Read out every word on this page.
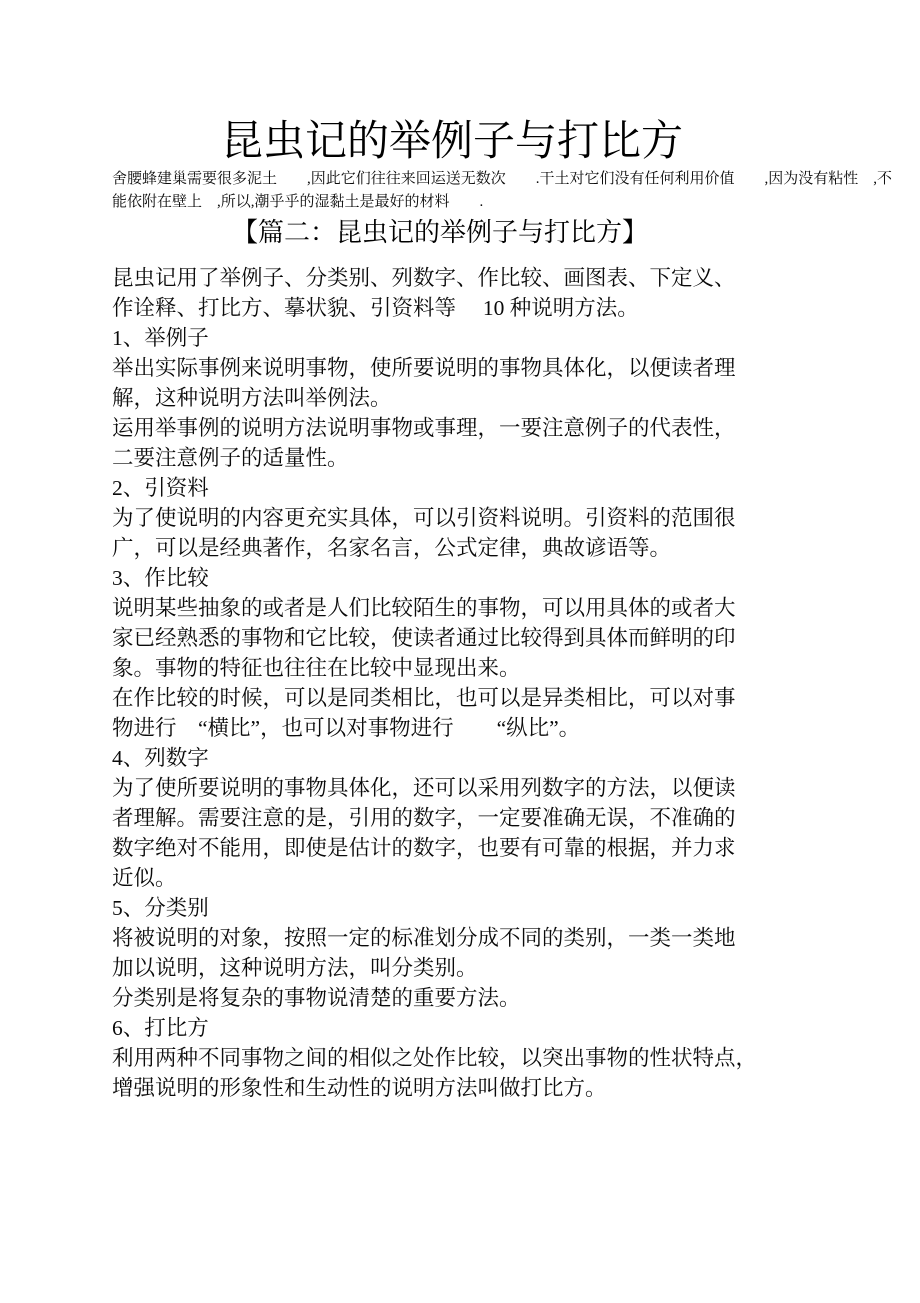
昆虫记的举例子与打比方
舍腰蜂建巢需要很多泥土　　,因此它们往往来回运送无数次　　.干土对它们没有任何利用价值　　,因为没有粘性　,不
能依附在壁上　,所以,潮乎乎的湿黏土是最好的材料　　.
【篇二：昆虫记的举例子与打比方】
昆虫记用了举例子、分类别、列数字、作比较、画图表、下定义、
作诠释、打比方、摹状貌、引资料等　 10 种说明方法。
1、举例子
举出实际事例来说明事物，使所要说明的事物具体化，以便读者理
解，这种说明方法叫举例法。
运用举事例的说明方法说明事物或事理，一要注意例子的代表性，
二要注意例子的适量性。
2、引资料
为了使说明的内容更充实具体，可以引资料说明。引资料的范围很
广，可以是经典著作，名家名言，公式定律，典故谚语等。
3、作比较
说明某些抽象的或者是人们比较陌生的事物，可以用具体的或者大
家已经熟悉的事物和它比较，使读者通过比较得到具体而鲜明的印
象。事物的特征也往往在比较中显现出来。
在作比较的时候，可以是同类相比，也可以是异类相比，可以对事
物进行　“横比”，也可以对事物进行　　“纵比”。
4、列数字
为了使所要说明的事物具体化，还可以采用列数字的方法，以便读
者理解。需要注意的是，引用的数字，一定要准确无误，不准确的
数字绝对不能用，即使是估计的数字，也要有可靠的根据，并力求
近似。
5、分类别
将被说明的对象，按照一定的标准划分成不同的类别，一类一类地
加以说明，这种说明方法，叫分类别。
分类别是将复杂的事物说清楚的重要方法。
6、打比方
利用两种不同事物之间的相似之处作比较，以突出事物的性状特点，
增强说明的形象性和生动性的说明方法叫做打比方。
